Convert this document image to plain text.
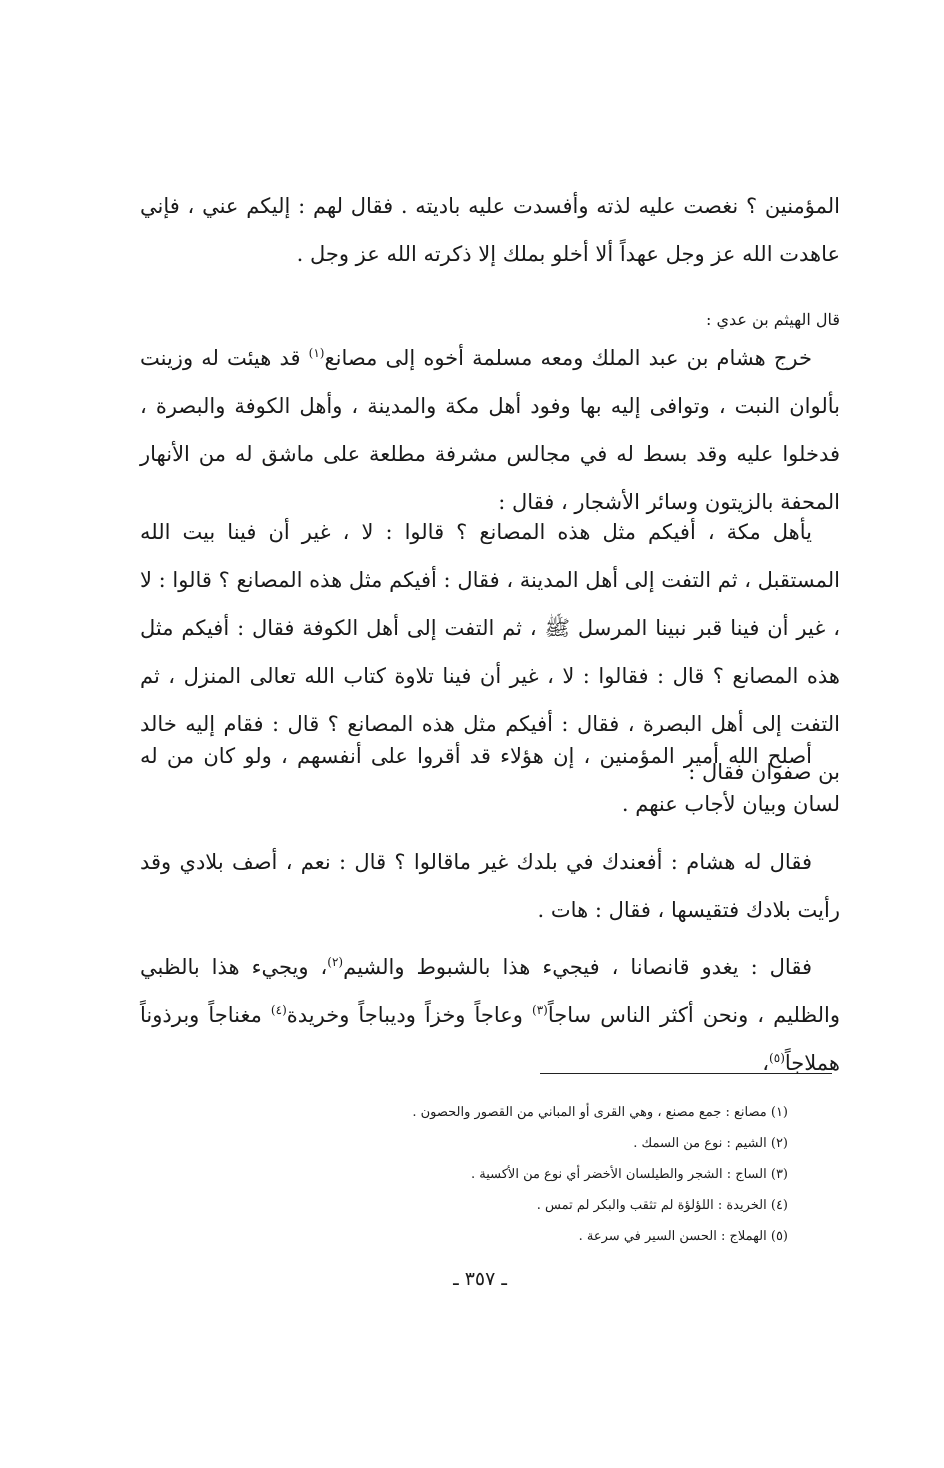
المؤمنين ؟ نغصت عليه لذته وأفسدت عليه باديته . فقال لهم : إليكم عني ، فإني عاهدت الله عز وجل عهداً ألا أخلو بملك إلا ذكرته الله عز وجل .

قال الهيثم بن عدي :

خرج هشام بن عبد الملك ومعه مسلمة أخوه إلى مصانع$^{(١)}$ قد هيئت له وزينت بألوان النبت ، وتوافى إليه بها وفود أهل مكة والمدينة ، وأهل الكوفة والبصرة ، فدخلوا عليه وقد بسط له في مجالس مشرفة مطلعة على ماشق له من الأنهار المحفة بالزيتون وسائر الأشجار ، فقال :

يأهل مكة ، أفيكم مثل هذه المصانع ؟ قالوا : لا ، غير أن فينا بيت الله المستقبل ، ثم التفت إلى أهل المدينة ، فقال : أفيكم مثل هذه المصانع ؟ قالوا : لا ، غير أن فينا قبر نبينا المرسل ﷺ ، ثم التفت إلى أهل الكوفة فقال : أفيكم مثل هذه المصانع ؟ قال : فقالوا : لا ، غير أن فينا تلاوة كتاب الله تعالى المنزل ، ثم التفت إلى أهل البصرة ، فقال : أفيكم مثل هذه المصانع ؟ قال : فقام إليه خالد بن صفوان فقال :

أصلح الله أمير المؤمنين ، إن هؤلاء قد أقروا على أنفسهم ، ولو كان من له لسان وبيان لأجاب عنهم .

فقال له هشام : أفعندك في بلدك غير ماقالوا ؟ قال : نعم ، أصف بلادي وقد رأيت بلادك فتقيسها ، فقال : هات .

فقال : يغدو قانصانا ، فيجيء هذا بالشبوط والشيم$^{(٢)}$، ويجيء هذا بالظبي والظليم ، ونحن أكثر الناس ساجاً$^{(٣)}$ وعاجاً وخزاً وديباجاً وخريدة$^{(٤)}$ مغناجاً وبرذوناً هملاجاً$^{(٥)}$،

(١) مصانع : جمع مصنع ، وهي القرى أو المباني من القصور والحصون .
(٢) الشيم : نوع من السمك .
(٣) الساج : الشجر والطيلسان الأخضر أي نوع من الأكسية .
(٤) الخريدة : اللؤلؤة لم تثقب والبكر لم تمس .
(٥) الهملاج : الحسن السير في سرعة .
ـ ٣٥٧ ـ
